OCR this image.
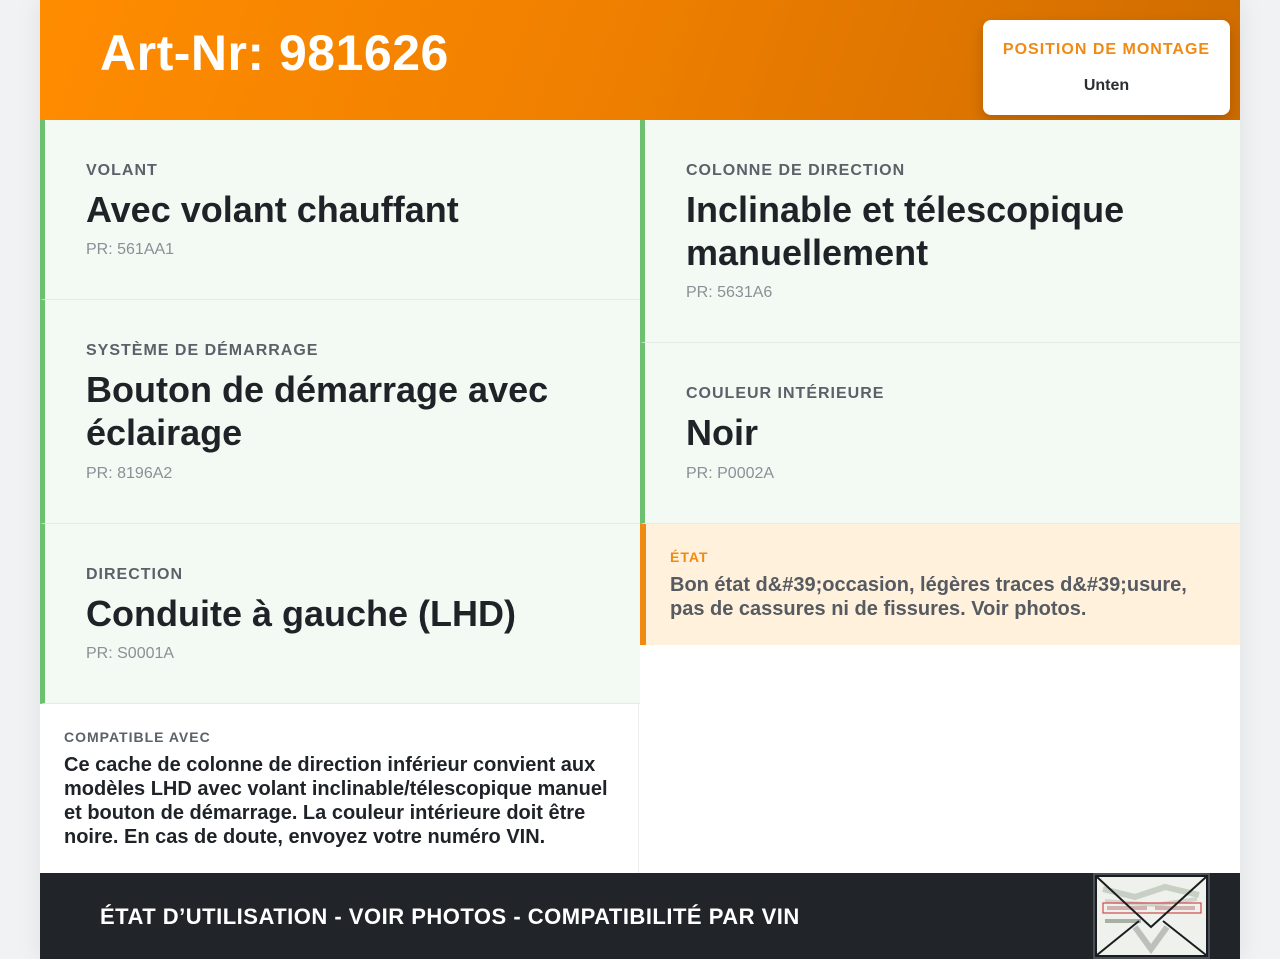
Art-Nr: 981626	POSITION DE MONTAGE
Unten
VOLANT
Avec volant chauffant
PR: 561AA1
SYSTÈME DE DÉMARRAGE
Bouton de démarrage avec éclairage
PR: 8196A2
DIRECTION
Conduite à gauche (LHD)
PR: S0001A
COLONNE DE DIRECTION
Inclinable et télescopique manuellement
PR: 5631A6
COULEUR INTÉRIEURE
Noir
PR: P0002A
COMPATIBLE AVEC
Ce cache de colonne de direction inférieur convient aux modèles LHD avec volant inclinable/télescopique manuel et bouton de démarrage. La couleur intérieure doit être noire. En cas de doute, envoyez votre numéro VIN.
ÉTAT
Bon état d&#39;occasion, légères traces d&#39;usure, pas de cassures ni de fissures. Voir photos.
ÉTAT D’UTILISATION - VOIR PHOTOS - COMPATIBILITÉ PAR VIN
